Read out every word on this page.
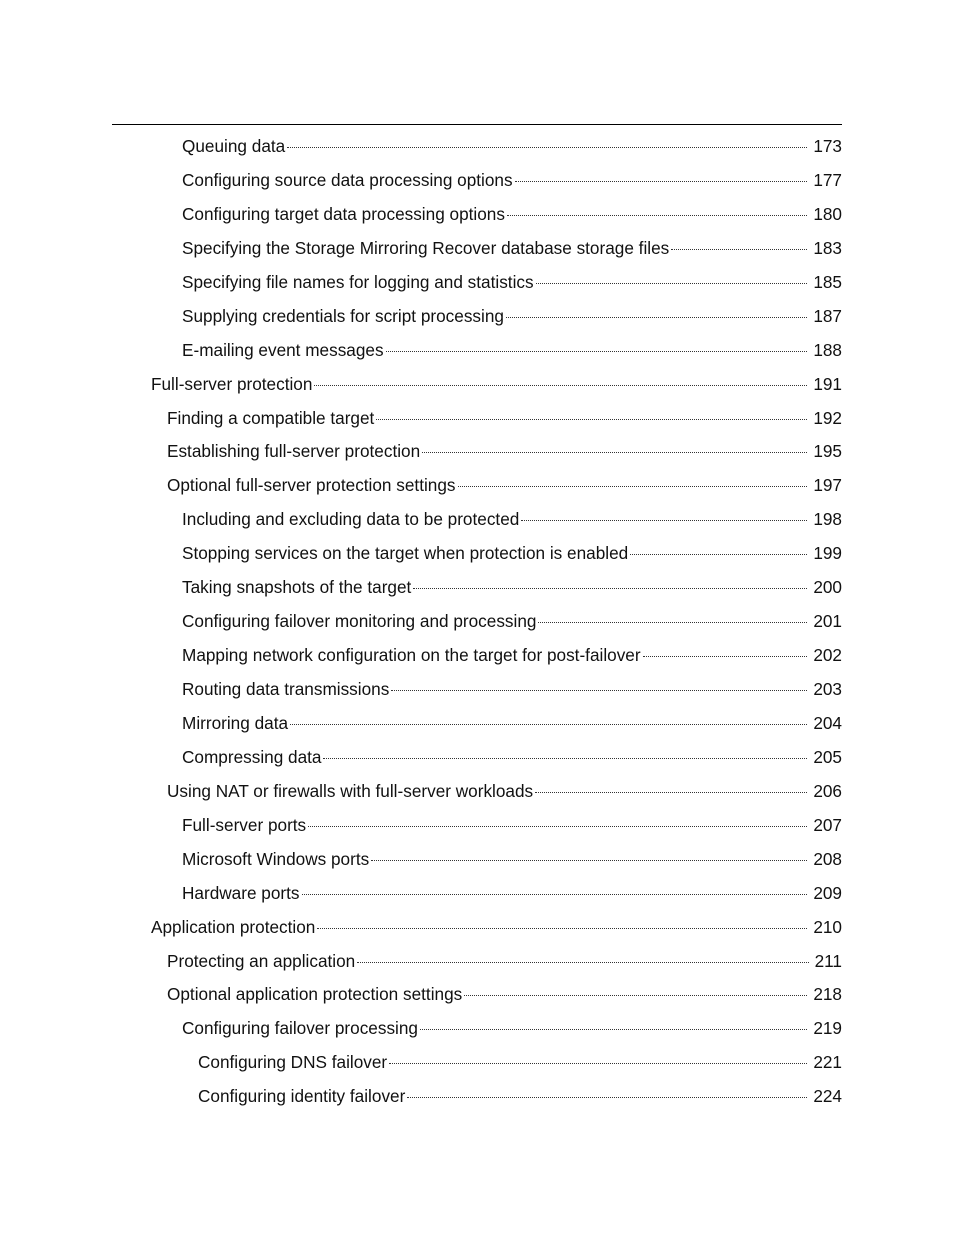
Queuing data	173
Configuring source data processing options	177
Configuring target data processing options	180
Specifying the Storage Mirroring Recover database storage files	183
Specifying file names for logging and statistics	185
Supplying credentials for script processing	187
E-mailing event messages	188
Full-server protection	191
Finding a compatible target	192
Establishing full-server protection	195
Optional full-server protection settings	197
Including and excluding data to be protected	198
Stopping services on the target when protection is enabled	199
Taking snapshots of the target	200
Configuring failover monitoring and processing	201
Mapping network configuration on the target for post-failover	202
Routing data transmissions	203
Mirroring data	204
Compressing data	205
Using NAT or firewalls with full-server workloads	206
Full-server ports	207
Microsoft Windows ports	208
Hardware ports	209
Application protection	210
Protecting an application	211
Optional application protection settings	218
Configuring failover processing	219
Configuring DNS failover	221
Configuring identity failover	224
